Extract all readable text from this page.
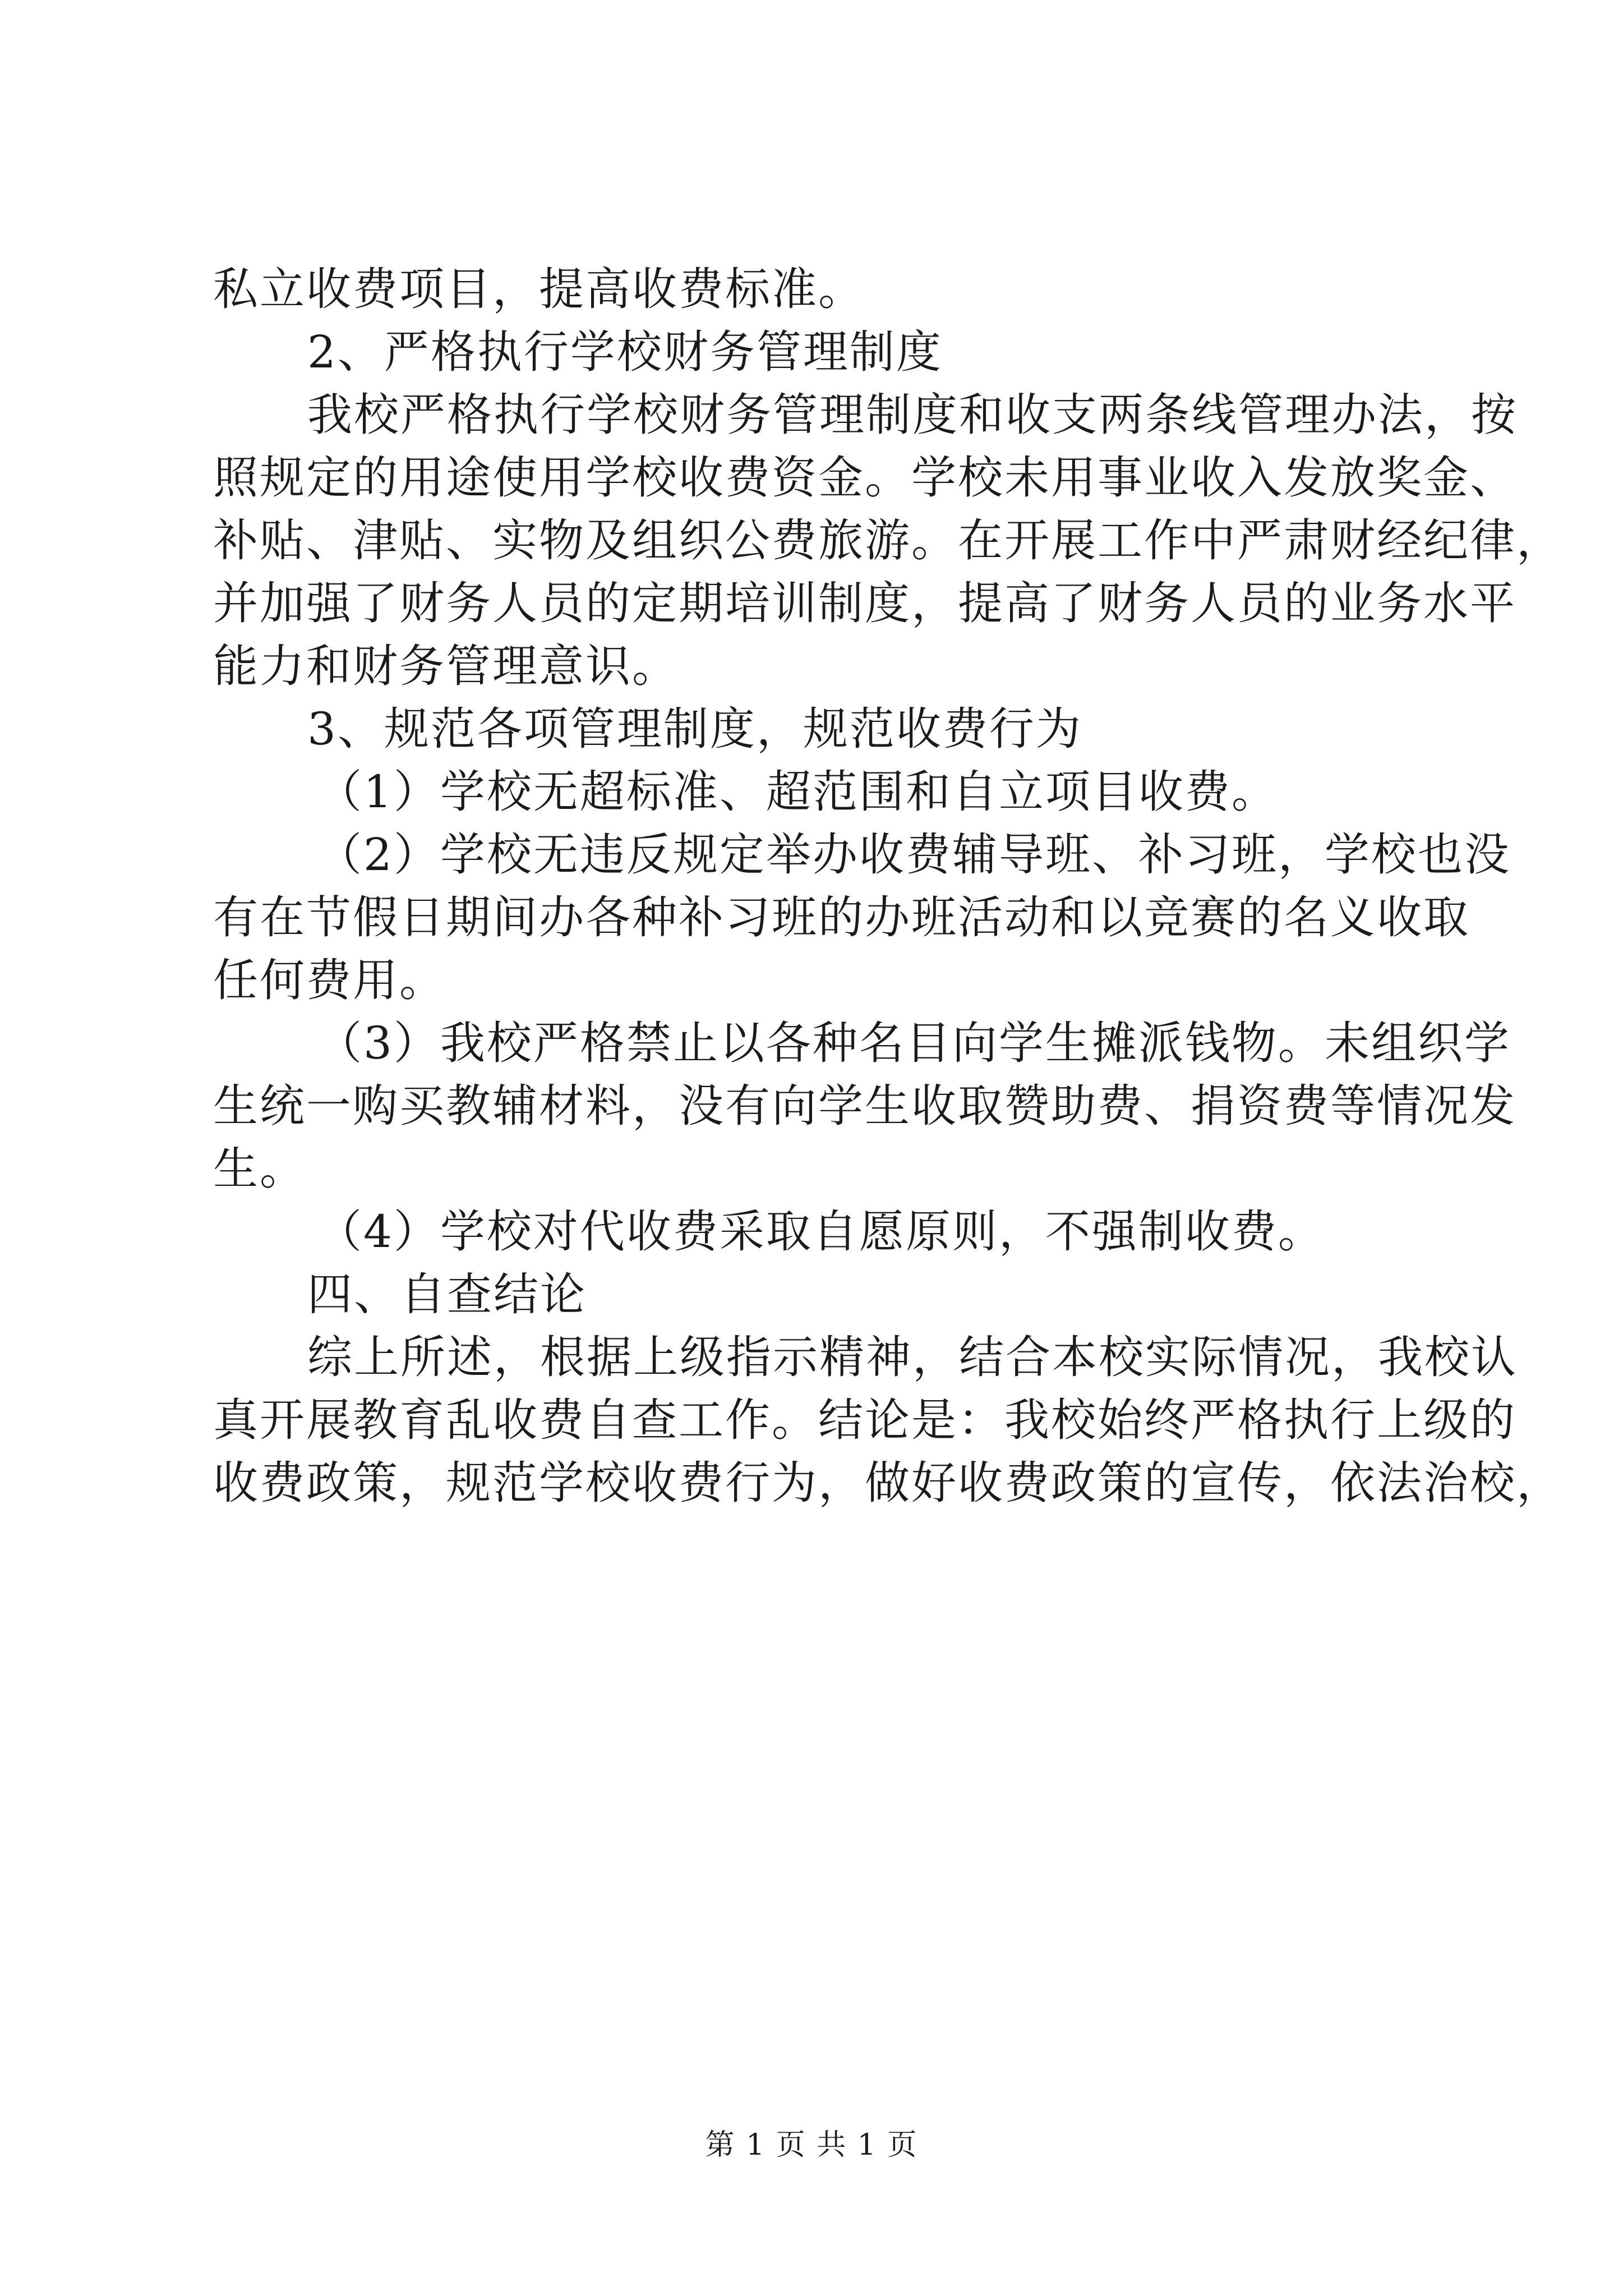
私立收费项目，提高收费标准。
2、严格执行学校财务管理制度
我校严格执行学校财务管理制度和收支两条线管理办法，按
照规定的用途使用学校收费资金。学校未用事业收入发放奖金、
补贴、津贴、实物及组织公费旅游。在开展工作中严肃财经纪律，
并加强了财务人员的定期培训制度，提高了财务人员的业务水平
能力和财务管理意识。
3、规范各项管理制度，规范收费行为
（1）学校无超标准、超范围和自立项目收费。
（2）学校无违反规定举办收费辅导班、补习班，学校也没
有在节假日期间办各种补习班的办班活动和以竞赛的名义收取
任何费用。
（3）我校严格禁止以各种名目向学生摊派钱物。未组织学
生统一购买教辅材料，没有向学生收取赞助费、捐资费等情况发
生。
（4）学校对代收费采取自愿原则，不强制收费。
四、自查结论
综上所述，根据上级指示精神，结合本校实际情况，我校认
真开展教育乱收费自查工作。结论是：我校始终严格执行上级的
收费政策，规范学校收费行为，做好收费政策的宣传，依法治校，
第 1 页 共 1 页
